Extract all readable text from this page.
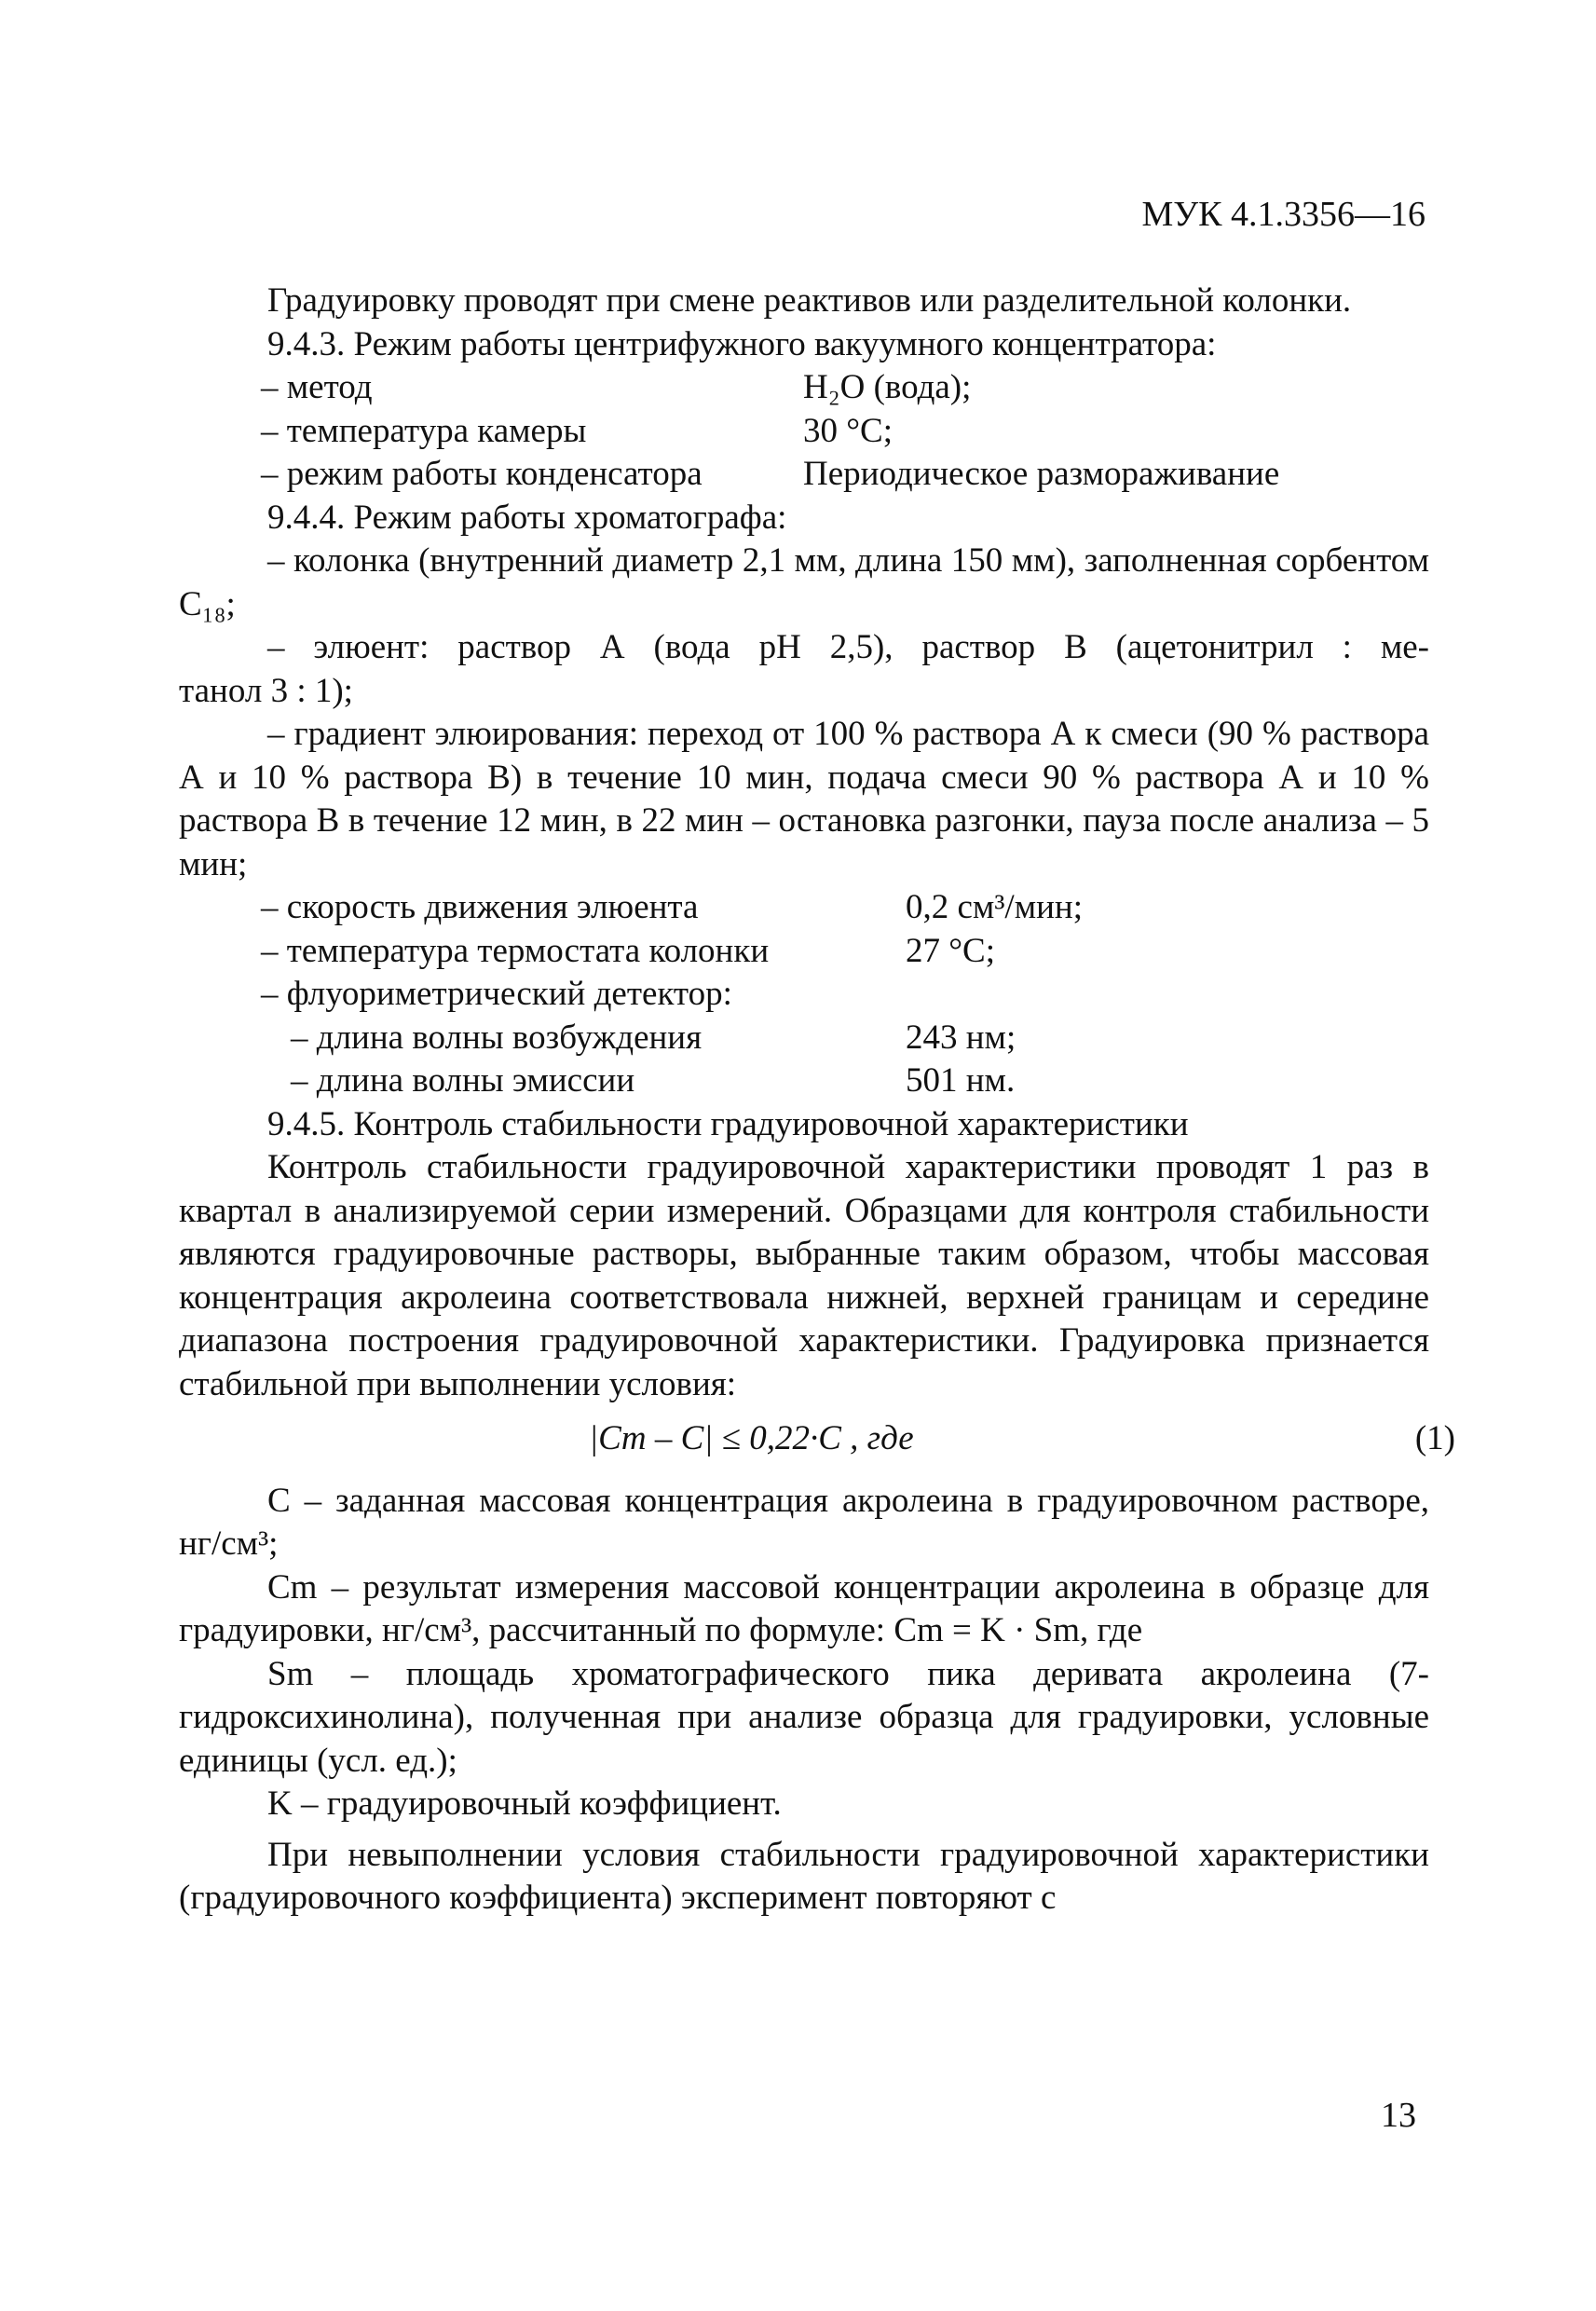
МУК 4.1.3356—16

Градуировку проводят при смене реактивов или разделительной колонки.

9.4.3. Режим работы центрифужного вакуумного концентратора:

– метод	H₂O (вода);
– температура камеры	30 °С;
– режим работы конденсатора	Периодическое размораживание

9.4.4. Режим работы хроматографа:

– колонка (внутренний диаметр 2,1 мм, длина 150 мм), заполненная сорбентом C₁₈;

– элюент: раствор А (вода рН 2,5), раствор В (ацетонитрил : ме-

танол 3 : 1);

– градиент элюирования: переход от 100 % раствора А к смеси (90 % раствора А и 10 % раствора В) в течение 10 мин, подача смеси 90 % раствора А и 10 % раствора В в течение 12 мин, в 22 мин – остановка разгонки, пауза после анализа – 5 мин;

– скорость движения элюента	0,2 см³/мин;
– температура термостата колонки	27 °С;
– флуориметрический детектор:
– длина волны возбуждения	243 нм;
– длина волны эмиссии	501 нм.

9.4.5. Контроль стабильности градуировочной характеристики

Контроль стабильности градуировочной характеристики проводят 1 раз в квартал в анализируемой серии измерений. Образцами для контроля стабильности являются градуировочные растворы, выбранные таким образом, чтобы массовая концентрация акролеина соответствовала нижней, верхней границам и середине диапазона построения градуировочной характеристики. Градуировка признается стабильной при выполнении условия:

|Cm – C| ≤ 0,22·C , где	(1)

C – заданная массовая концентрация акролеина в градуировочном растворе, нг/см³;

Cm – результат измерения массовой концентрации акролеина в образце для градуировки, нг/см³, рассчитанный по формуле: Cm = K · Sm, где

Sm – площадь хроматографического пика деривата акролеина (7-гидроксихинолина), полученная при анализе образца для градуировки, условные единицы (усл. ед.);

K – градуировочный коэффициент.

При невыполнении условия стабильности градуировочной характеристики (градуировочного коэффициента) эксперимент повторяют с

13
